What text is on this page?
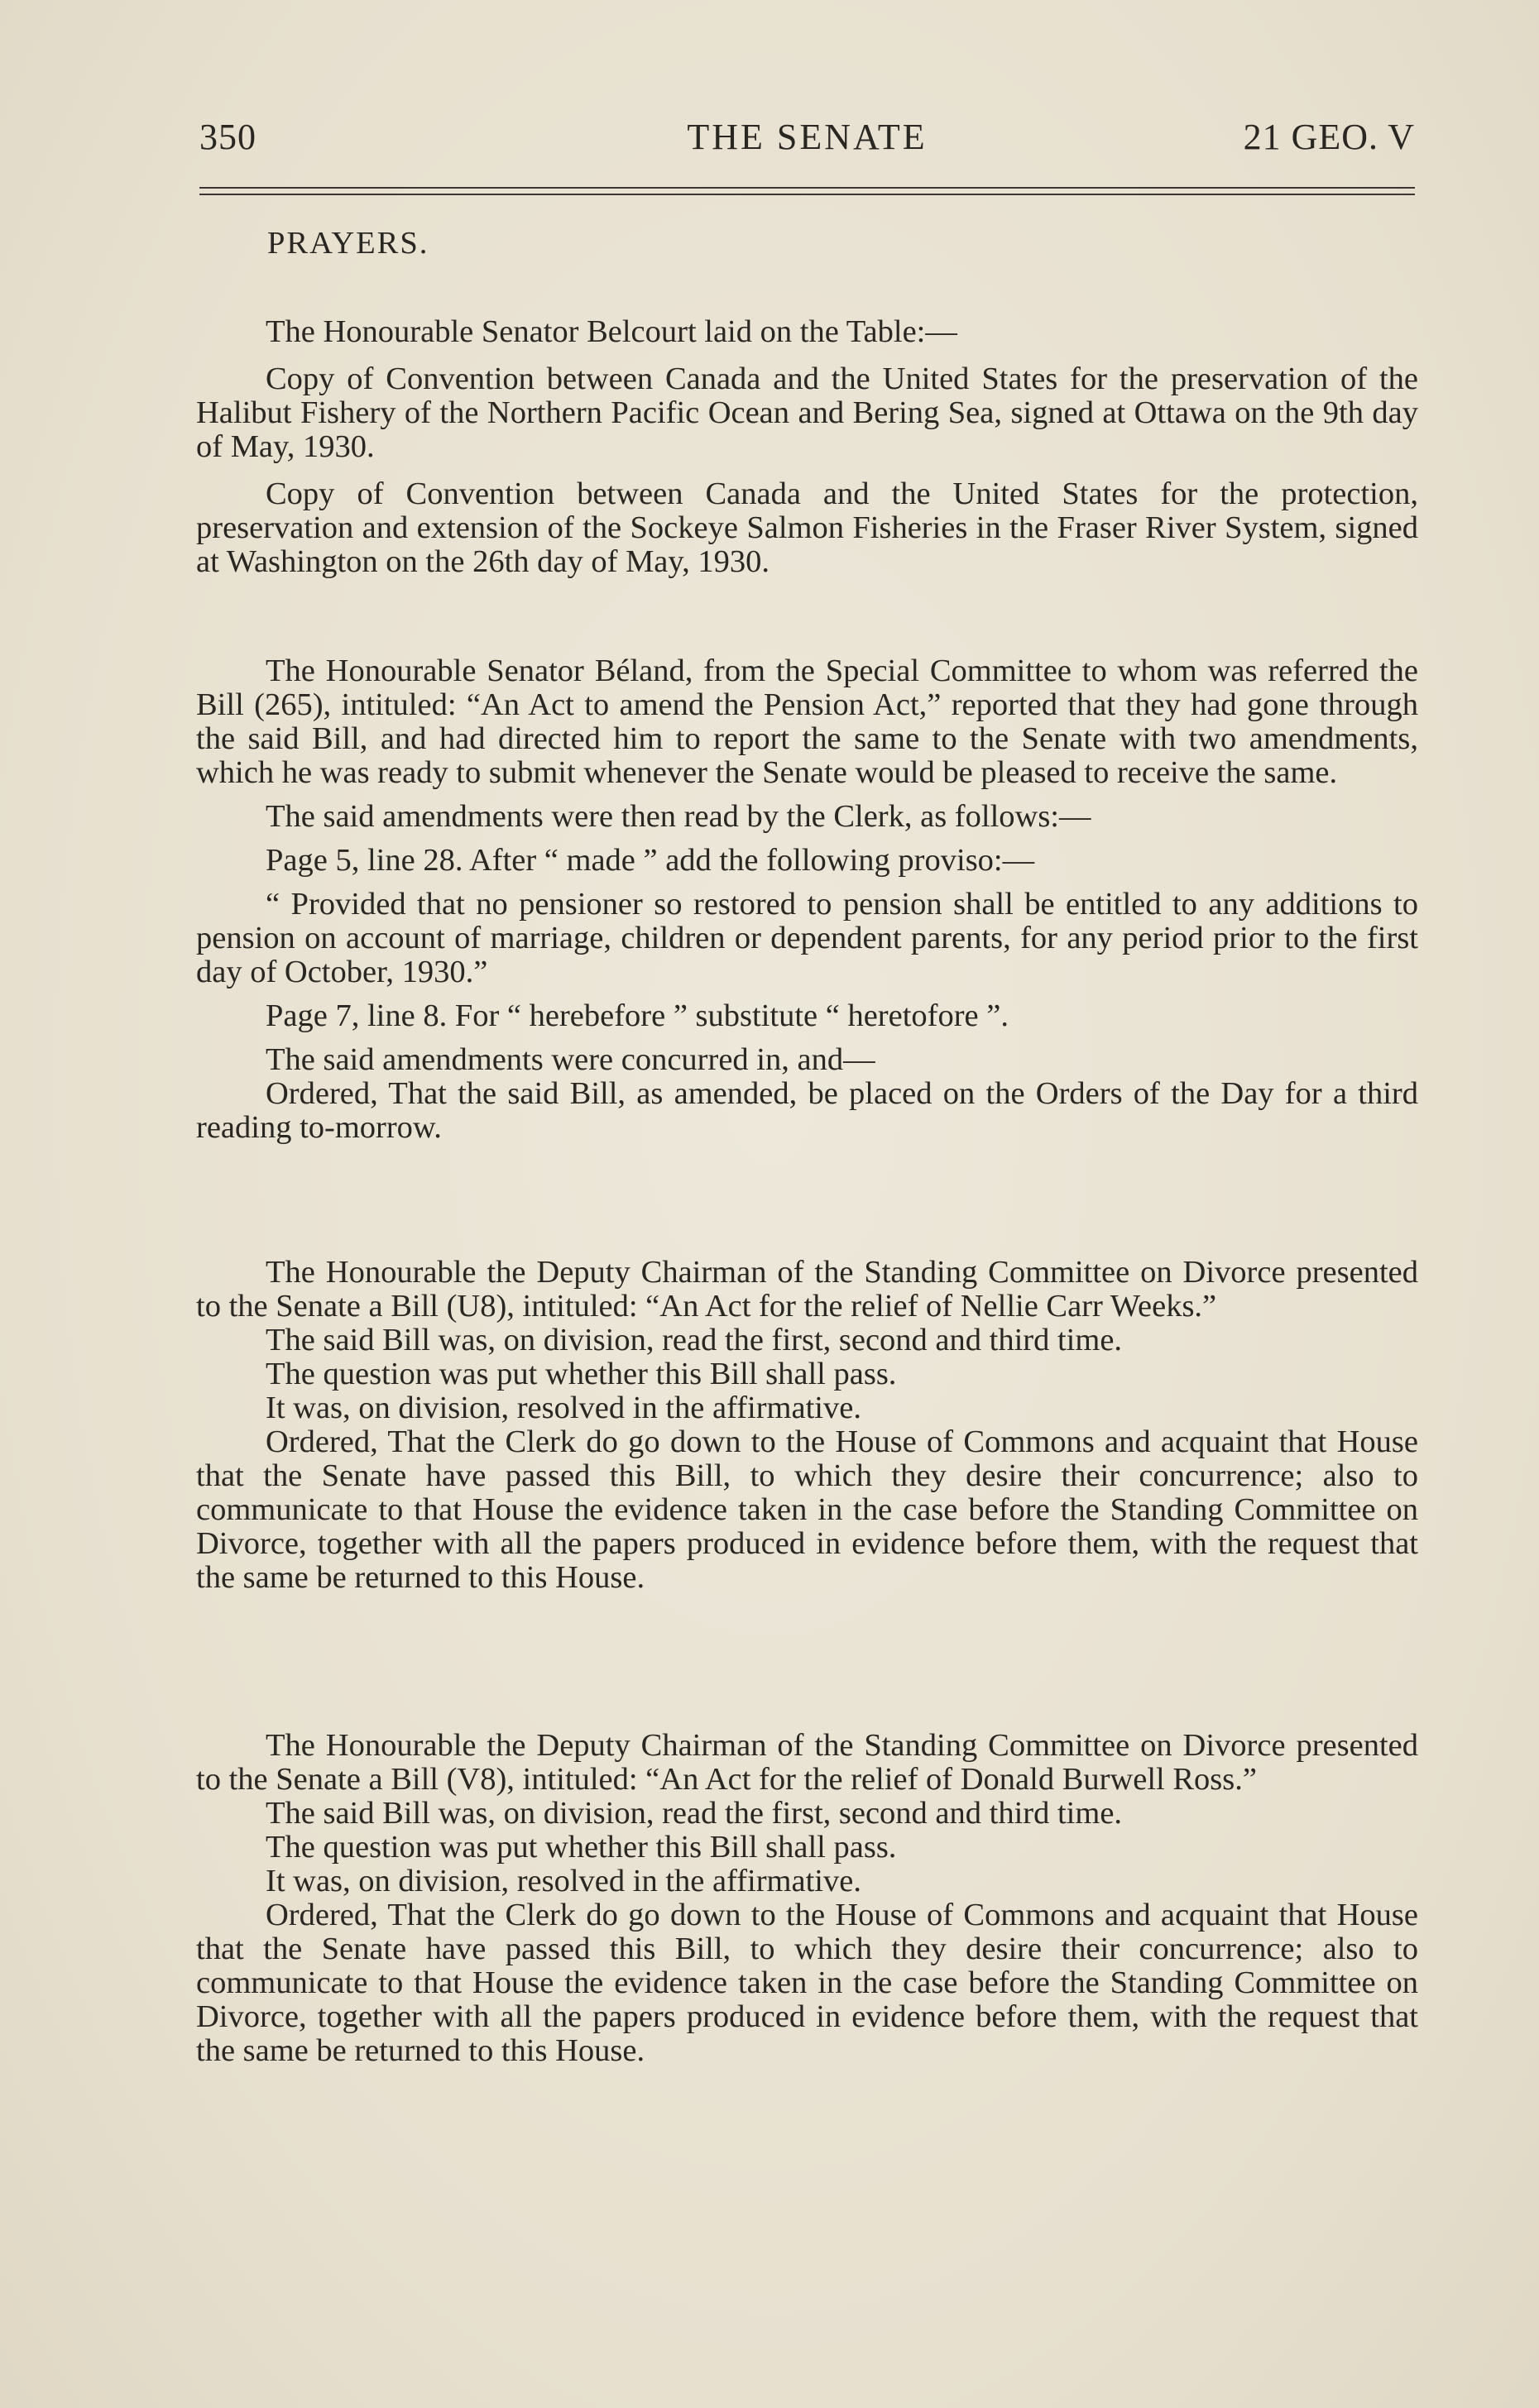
350	THE SENATE	21 GEO. V
PRAYERS.

The Honourable Senator Belcourt laid on the Table:—

Copy of Convention between Canada and the United States for the preservation of the Halibut Fishery of the Northern Pacific Ocean and Bering Sea, signed at Ottawa on the 9th day of May, 1930.

Copy of Convention between Canada and the United States for the protection, preservation and extension of the Sockeye Salmon Fisheries in the Fraser River System, signed at Washington on the 26th day of May, 1930.

The Honourable Senator Béland, from the Special Committee to whom was referred the Bill (265), intituled: “An Act to amend the Pension Act,” reported that they had gone through the said Bill, and had directed him to report the same to the Senate with two amendments, which he was ready to submit whenever the Senate would be pleased to receive the same.

The said amendments were then read by the Clerk, as follows:—

Page 5, line 28. After “ made ” add the following proviso:—

“ Provided that no pensioner so restored to pension shall be entitled to any additions to pension on account of marriage, children or dependent parents, for any period prior to the first day of October, 1930.”

Page 7, line 8. For “ herebefore ” substitute “ heretofore ”.

The said amendments were concurred in, and—

Ordered, That the said Bill, as amended, be placed on the Orders of the Day for a third reading to-morrow.

The Honourable the Deputy Chairman of the Standing Committee on Divorce presented to the Senate a Bill (U8), intituled: “An Act for the relief of Nellie Carr Weeks.”

The said Bill was, on division, read the first, second and third time.

The question was put whether this Bill shall pass.

It was, on division, resolved in the affirmative.

Ordered, That the Clerk do go down to the House of Commons and acquaint that House that the Senate have passed this Bill, to which they desire their concurrence; also to communicate to that House the evidence taken in the case before the Standing Committee on Divorce, together with all the papers produced in evidence before them, with the request that the same be returned to this House.

The Honourable the Deputy Chairman of the Standing Committee on Divorce presented to the Senate a Bill (V8), intituled: “An Act for the relief of Donald Burwell Ross.”

The said Bill was, on division, read the first, second and third time.

The question was put whether this Bill shall pass.

It was, on division, resolved in the affirmative.

Ordered, That the Clerk do go down to the House of Commons and acquaint that House that the Senate have passed this Bill, to which they desire their concurrence; also to communicate to that House the evidence taken in the case before the Standing Committee on Divorce, together with all the papers produced in evidence before them, with the request that the same be returned to this House.
